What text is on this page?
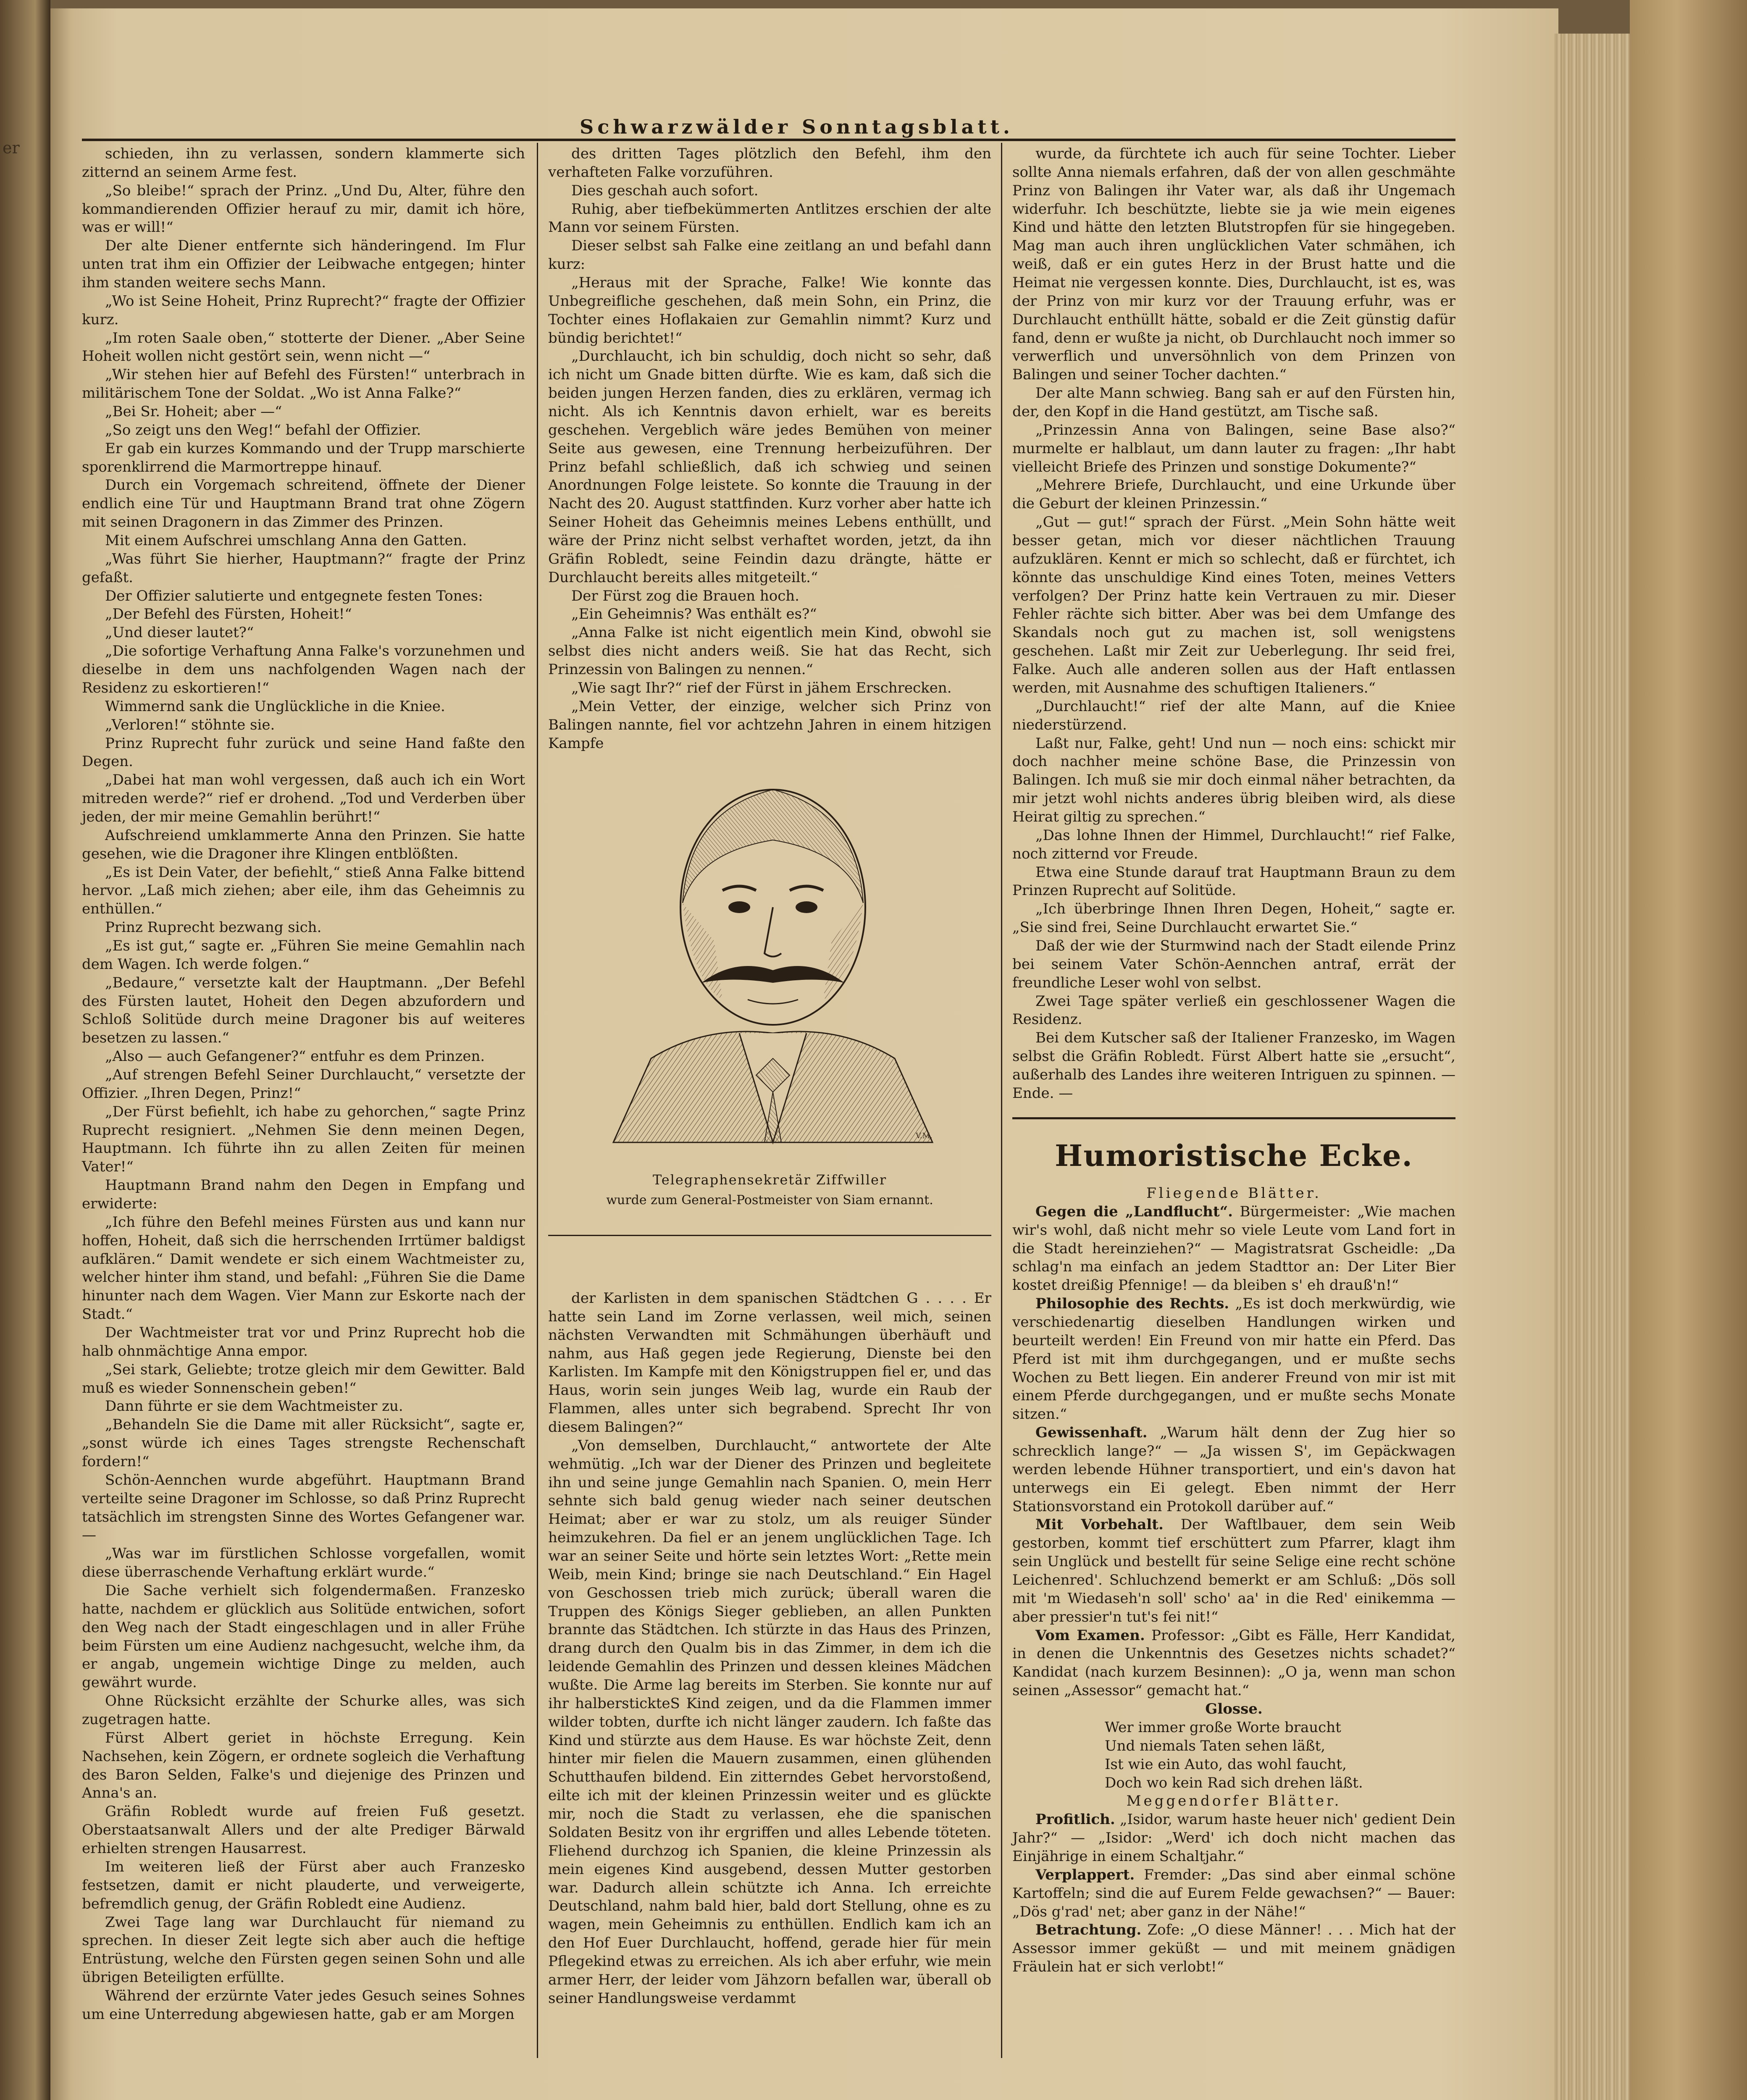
er
Schwarzwälder Sonntagsblatt.

schieden, ihn zu verlassen, sondern klammerte sich zitternd an seinem Arme fest.

„So bleibe!“ sprach der Prinz. „Und Du, Alter, führe den kommandierenden Offizier herauf zu mir, damit ich höre, was er will!“

Der alte Diener entfernte sich händeringend. Im Flur unten trat ihm ein Offizier der Leibwache entgegen; hinter ihm standen weitere sechs Mann.

„Wo ist Seine Hoheit, Prinz Ruprecht?“ fragte der Offizier kurz.

„Im roten Saale oben,“ stotterte der Diener. „Aber Seine Hoheit wollen nicht gestört sein, wenn nicht —“

„Wir stehen hier auf Befehl des Fürsten!“ unterbrach in militärischem Tone der Soldat. „Wo ist Anna Falke?“

„Bei Sr. Hoheit; aber —“

„So zeigt uns den Weg!“ befahl der Offizier.

Er gab ein kurzes Kommando und der Trupp marschierte sporenklirrend die Marmortreppe hinauf.

Durch ein Vorgemach schreitend, öffnete der Diener endlich eine Tür und Hauptmann Brand trat ohne Zögern mit seinen Dragonern in das Zimmer des Prinzen.

Mit einem Aufschrei umschlang Anna den Gatten.

„Was führt Sie hierher, Hauptmann?“ fragte der Prinz gefaßt.

Der Offizier salutierte und entgegnete festen Tones:

„Der Befehl des Fürsten, Hoheit!“

„Und dieser lautet?“

„Die sofortige Verhaftung Anna Falke's vorzunehmen und dieselbe in dem uns nachfolgenden Wagen nach der Residenz zu eskortieren!“

Wimmernd sank die Unglückliche in die Kniee.

„Verloren!“ stöhnte sie.

Prinz Ruprecht fuhr zurück und seine Hand faßte den Degen.

„Dabei hat man wohl vergessen, daß auch ich ein Wort mitreden werde?“ rief er drohend. „Tod und Verderben über jeden, der mir meine Gemahlin berührt!“

Aufschreiend umklammerte Anna den Prinzen. Sie hatte gesehen, wie die Dragoner ihre Klingen entblößten.

„Es ist Dein Vater, der befiehlt,“ stieß Anna Falke bittend hervor. „Laß mich ziehen; aber eile, ihm das Geheimnis zu enthüllen.“

Prinz Ruprecht bezwang sich.

„Es ist gut,“ sagte er. „Führen Sie meine Gemahlin nach dem Wagen. Ich werde folgen.“

„Bedaure,“ versetzte kalt der Hauptmann. „Der Befehl des Fürsten lautet, Hoheit den Degen abzufordern und Schloß Solitüde durch meine Dragoner bis auf weiteres besetzen zu lassen.“

„Also — auch Gefangener?“ entfuhr es dem Prinzen.

„Auf strengen Befehl Seiner Durchlaucht,“ versetzte der Offizier. „Ihren Degen, Prinz!“

„Der Fürst befiehlt, ich habe zu gehorchen,“ sagte Prinz Ruprecht resigniert. „Nehmen Sie denn meinen Degen, Hauptmann. Ich führte ihn zu allen Zeiten für meinen Vater!“

Hauptmann Brand nahm den Degen in Empfang und erwiderte:

„Ich führe den Befehl meines Fürsten aus und kann nur hoffen, Hoheit, daß sich die herrschenden Irrtümer baldigst aufklären.“ Damit wendete er sich einem Wachtmeister zu, welcher hinter ihm stand, und befahl: „Führen Sie die Dame hinunter nach dem Wagen. Vier Mann zur Eskorte nach der Stadt.“

Der Wachtmeister trat vor und Prinz Ruprecht hob die halb ohnmächtige Anna empor.

„Sei stark, Geliebte; trotze gleich mir dem Gewitter. Bald muß es wieder Sonnenschein geben!“

Dann führte er sie dem Wachtmeister zu.

„Behandeln Sie die Dame mit aller Rücksicht“, sagte er, „sonst würde ich eines Tages strengste Rechenschaft fordern!“

Schön-Aennchen wurde abgeführt. Hauptmann Brand verteilte seine Dragoner im Schlosse, so daß Prinz Ruprecht tatsächlich im strengsten Sinne des Wortes Gefangener war. —

„Was war im fürstlichen Schlosse vorgefallen, womit diese überraschende Verhaftung erklärt wurde.“

Die Sache verhielt sich folgendermaßen. Franzesko hatte, nachdem er glücklich aus Solitüde entwichen, sofort den Weg nach der Stadt eingeschlagen und in aller Frühe beim Fürsten um eine Audienz nachgesucht, welche ihm, da er angab, ungemein wichtige Dinge zu melden, auch gewährt wurde.

Ohne Rücksicht erzählte der Schurke alles, was sich zugetragen hatte.

Fürst Albert geriet in höchste Erregung. Kein Nachsehen, kein Zögern, er ordnete sogleich die Verhaftung des Baron Selden, Falke's und diejenige des Prinzen und Anna's an.

Gräfin Robledt wurde auf freien Fuß gesetzt. Oberstaatsanwalt Allers und der alte Prediger Bärwald erhielten strengen Hausarrest.

Im weiteren ließ der Fürst aber auch Franzesko festsetzen, damit er nicht plauderte, und verweigerte, befremdlich genug, der Gräfin Robledt eine Audienz.

Zwei Tage lang war Durchlaucht für niemand zu sprechen. In dieser Zeit legte sich aber auch die heftige Entrüstung, welche den Fürsten gegen seinen Sohn und alle übrigen Beteiligten erfüllte.

Während der erzürnte Vater jedes Gesuch seines Sohnes um eine Unterredung abgewiesen hatte, gab er am Morgen

des dritten Tages plötzlich den Befehl, ihm den verhafteten Falke vorzuführen.

Dies geschah auch sofort.

Ruhig, aber tiefbekümmerten Antlitzes erschien der alte Mann vor seinem Fürsten.

Dieser selbst sah Falke eine zeitlang an und befahl dann kurz:

„Heraus mit der Sprache, Falke! Wie konnte das Unbegreifliche geschehen, daß mein Sohn, ein Prinz, die Tochter eines Hoflakaien zur Gemahlin nimmt? Kurz und bündig berichtet!“

„Durchlaucht, ich bin schuldig, doch nicht so sehr, daß ich nicht um Gnade bitten dürfte. Wie es kam, daß sich die beiden jungen Herzen fanden, dies zu erklären, vermag ich nicht. Als ich Kenntnis davon erhielt, war es bereits geschehen. Vergeblich wäre jedes Bemühen von meiner Seite aus gewesen, eine Trennung herbeizuführen. Der Prinz befahl schließlich, daß ich schwieg und seinen Anordnungen Folge leistete. So konnte die Trauung in der Nacht des 20. August stattfinden. Kurz vorher aber hatte ich Seiner Hoheit das Geheimnis meines Lebens enthüllt, und wäre der Prinz nicht selbst verhaftet worden, jetzt, da ihn Gräfin Robledt, seine Feindin dazu drängte, hätte er Durchlaucht bereits alles mitgeteilt.“

Der Fürst zog die Brauen hoch.

„Ein Geheimnis? Was enthält es?“

„Anna Falke ist nicht eigentlich mein Kind, obwohl sie selbst dies nicht anders weiß. Sie hat das Recht, sich Prinzessin von Balingen zu nennen.“

„Wie sagt Ihr?“ rief der Fürst in jähem Erschrecken.

„Mein Vetter, der einzige, welcher sich Prinz von Balingen nannte, fiel vor achtzehn Jahren in einem hitzigen Kampfe

V.M.
Telegraphensekretär Ziffwiller
wurde zum General-Postmeister von Siam ernannt.

der Karlisten in dem spanischen Städtchen G . . . . Er hatte sein Land im Zorne verlassen, weil mich, seinen nächsten Verwandten mit Schmähungen überhäuft und nahm, aus Haß gegen jede Regierung, Dienste bei den Karlisten. Im Kampfe mit den Königstruppen fiel er, und das Haus, worin sein junges Weib lag, wurde ein Raub der Flammen, alles unter sich begrabend. Sprecht Ihr von diesem Balingen?“

„Von demselben, Durchlaucht,“ antwortete der Alte wehmütig. „Ich war der Diener des Prinzen und begleitete ihn und seine junge Gemahlin nach Spanien. O, mein Herr sehnte sich bald genug wieder nach seiner deutschen Heimat; aber er war zu stolz, um als reuiger Sünder heimzukehren. Da fiel er an jenem unglücklichen Tage. Ich war an seiner Seite und hörte sein letztes Wort: „Rette mein Weib, mein Kind; bringe sie nach Deutschland.“ Ein Hagel von Geschossen trieb mich zurück; überall waren die Truppen des Königs Sieger geblieben, an allen Punkten brannte das Städtchen. Ich stürzte in das Haus des Prinzen, drang durch den Qualm bis in das Zimmer, in dem ich die leidende Gemahlin des Prinzen und dessen kleines Mädchen wußte. Die Arme lag bereits im Sterben. Sie konnte nur auf ihr halberstickteS Kind zeigen, und da die Flammen immer wilder tobten, durfte ich nicht länger zaudern. Ich faßte das Kind und stürzte aus dem Hause. Es war höchste Zeit, denn hinter mir fielen die Mauern zusammen, einen glühenden Schutthaufen bildend. Ein zitterndes Gebet hervorstoßend, eilte ich mit der kleinen Prinzessin weiter und es glückte mir, noch die Stadt zu verlassen, ehe die spanischen Soldaten Besitz von ihr ergriffen und alles Lebende töteten. Fliehend durchzog ich Spanien, die kleine Prinzessin als mein eigenes Kind ausgebend, dessen Mutter gestorben war. Dadurch allein schützte ich Anna. Ich erreichte Deutschland, nahm bald hier, bald dort Stellung, ohne es zu wagen, mein Geheimnis zu enthüllen. Endlich kam ich an den Hof Euer Durchlaucht, hoffend, gerade hier für mein Pflegekind etwas zu erreichen. Als ich aber erfuhr, wie mein armer Herr, der leider vom Jähzorn befallen war, überall ob seiner Handlungsweise verdammt

wurde, da fürchtete ich auch für seine Tochter. Lieber sollte Anna niemals erfahren, daß der von allen geschmähte Prinz von Balingen ihr Vater war, als daß ihr Ungemach widerfuhr. Ich beschützte, liebte sie ja wie mein eigenes Kind und hätte den letzten Blutstropfen für sie hingegeben. Mag man auch ihren unglücklichen Vater schmähen, ich weiß, daß er ein gutes Herz in der Brust hatte und die Heimat nie vergessen konnte. Dies, Durchlaucht, ist es, was der Prinz von mir kurz vor der Trauung erfuhr, was er Durchlaucht enthüllt hätte, sobald er die Zeit günstig dafür fand, denn er wußte ja nicht, ob Durchlaucht noch immer so verwerflich und unversöhnlich von dem Prinzen von Balingen und seiner Tocher dachten.“

Der alte Mann schwieg. Bang sah er auf den Fürsten hin, der, den Kopf in die Hand gestützt, am Tische saß.

„Prinzessin Anna von Balingen, seine Base also?“ murmelte er halblaut, um dann lauter zu fragen: „Ihr habt vielleicht Briefe des Prinzen und sonstige Dokumente?“

„Mehrere Briefe, Durchlaucht, und eine Urkunde über die Geburt der kleinen Prinzessin.“

„Gut — gut!“ sprach der Fürst. „Mein Sohn hätte weit besser getan, mich vor dieser nächtlichen Trauung aufzuklären. Kennt er mich so schlecht, daß er fürchtet, ich könnte das unschuldige Kind eines Toten, meines Vetters verfolgen? Der Prinz hatte kein Vertrauen zu mir. Dieser Fehler rächte sich bitter. Aber was bei dem Umfange des Skandals noch gut zu machen ist, soll wenigstens geschehen. Laßt mir Zeit zur Ueberlegung. Ihr seid frei, Falke. Auch alle anderen sollen aus der Haft entlassen werden, mit Ausnahme des schuftigen Italieners.“

„Durchlaucht!“ rief der alte Mann, auf die Kniee niederstürzend.

Laßt nur, Falke, geht! Und nun — noch eins: schickt mir doch nachher meine schöne Base, die Prinzessin von Balingen. Ich muß sie mir doch einmal näher betrachten, da mir jetzt wohl nichts anderes übrig bleiben wird, als diese Heirat giltig zu sprechen.“

„Das lohne Ihnen der Himmel, Durchlaucht!“ rief Falke, noch zitternd vor Freude.

Etwa eine Stunde darauf trat Hauptmann Braun zu dem Prinzen Ruprecht auf Solitüde.

„Ich überbringe Ihnen Ihren Degen, Hoheit,“ sagte er. „Sie sind frei, Seine Durchlaucht erwartet Sie.“

Daß der wie der Sturmwind nach der Stadt eilende Prinz bei seinem Vater Schön-Aennchen antraf, errät der freundliche Leser wohl von selbst.

Zwei Tage später verließ ein geschlossener Wagen die Residenz.

Bei dem Kutscher saß der Italiener Franzesko, im Wagen selbst die Gräfin Robledt. Fürst Albert hatte sie „ersucht“, außerhalb des Landes ihre weiteren Intriguen zu spinnen. — Ende. —

Humoristische Ecke.

Fliegende Blätter.

Gegen die „Landflucht“. Bürgermeister: „Wie machen wir's wohl, daß nicht mehr so viele Leute vom Land fort in die Stadt hereinziehen?“ — Magistratsrat Gscheidle: „Da schlag'n ma einfach an jedem Stadttor an: Der Liter Bier kostet dreißig Pfennige! — da bleiben s' eh drauß'n!“

Philosophie des Rechts. „Es ist doch merkwürdig, wie verschiedenartig dieselben Handlungen wirken und beurteilt werden! Ein Freund von mir hatte ein Pferd. Das Pferd ist mit ihm durchgegangen, und er mußte sechs Wochen zu Bett liegen. Ein anderer Freund von mir ist mit einem Pferde durchgegangen, und er mußte sechs Monate sitzen.“

Gewissenhaft. „Warum hält denn der Zug hier so schrecklich lange?“ — „Ja wissen S', im Gepäckwagen werden lebende Hühner transportiert, und ein's davon hat unterwegs ein Ei gelegt. Eben nimmt der Herr Stationsvorstand ein Protokoll darüber auf.“

Mit Vorbehalt. Der Waftlbauer, dem sein Weib gestorben, kommt tief erschüttert zum Pfarrer, klagt ihm sein Unglück und bestellt für seine Selige eine recht schöne Leichenred'. Schluchzend bemerkt er am Schluß: „Dös soll mit 'm Wiedaseh'n soll' scho' aa' in die Red' einikemma — aber pressier'n tut's fei nit!“

Vom Examen. Professor: „Gibt es Fälle, Herr Kandidat, in denen die Unkenntnis des Gesetzes nichts schadet?“ Kandidat (nach kurzem Besinnen): „O ja, wenn man schon seinen „Assessor“ gemacht hat.“

Glosse.

Wer immer große Worte braucht

Und niemals Taten sehen läßt,

Ist wie ein Auto, das wohl faucht,

Doch wo kein Rad sich drehen läßt.

Meggendorfer Blätter.

Profitlich. „Isidor, warum haste heuer nich' gedient Dein Jahr?“ — „Isidor: „Werd' ich doch nicht machen das Einjährige in einem Schaltjahr.“

Verplappert. Fremder: „Das sind aber einmal schöne Kartoffeln; sind die auf Eurem Felde gewachsen?“ — Bauer: „Dös g'rad' net; aber ganz in der Nähe!“

Betrachtung. Zofe: „O diese Männer! . . . Mich hat der Assessor immer geküßt — und mit meinem gnädigen Fräulein hat er sich verlobt!“
